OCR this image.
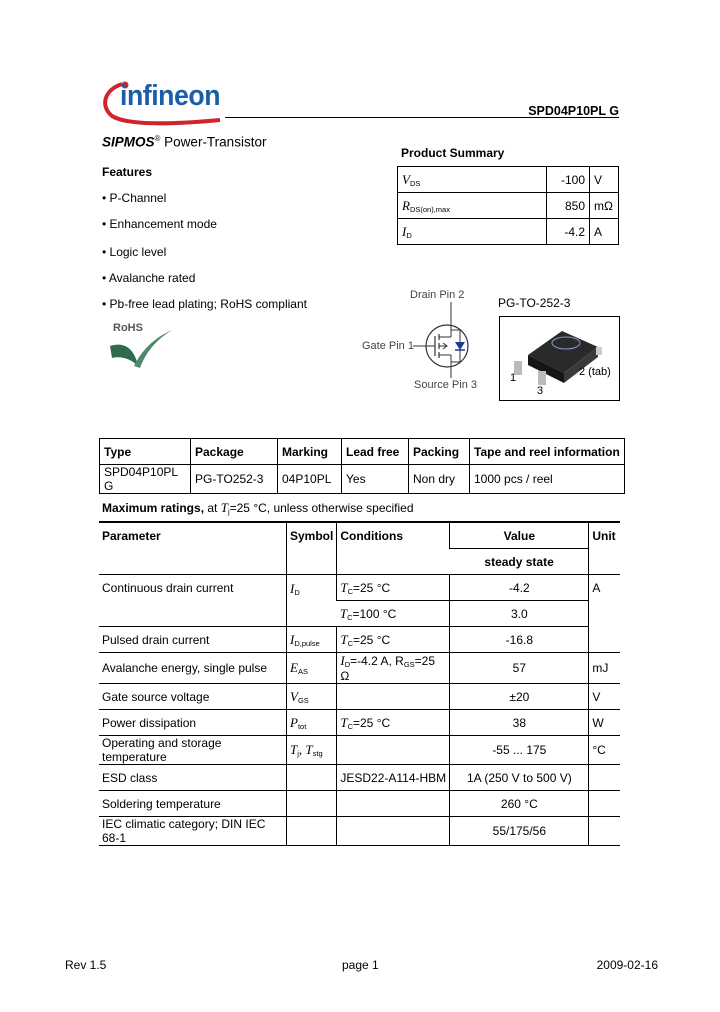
infineon	SPD04P10PL G
SIPMOS® Power-Transistor
Product Summary
$V_{DS}$	-100	V
$R_{DS(on),max}$	850	mΩ
$I_D$	-4.2	A
Features
• P-Channel
• Enhancement mode
• Logic level
• Avalanche rated
• Pb-free lead plating; RoHS compliant
RoHS
Drain Pin 2
Gate Pin 1
Source Pin 3
PG-TO-252-3
1	2 (tab)
3
Type	Package	Marking	Lead free	Packing	Tape and reel information
SPD04P10PL G	PG-TO252-3	04P10PL	Yes	Non dry	1000 pcs / reel
Maximum ratings, at $T_j=25$ °C, unless otherwise specified
Parameter	Symbol	Conditions	Value	Unit
			steady state	
Continuous drain current	$I_D$	$T_C=25$ °C	-4.2	A
		$T_C=100$ °C	3.0	
Pulsed drain current	$I_{D,pulse}$	$T_C=25$ °C	-16.8	
Avalanche energy, single pulse	$E_{AS}$	$I_D=-4.2$ A, $R_{GS}=25$ Ω	57	mJ
Gate source voltage	$V_{GS}$		±20	V
Power dissipation	$P_{tot}$	$T_C=25$ °C	38	W
Operating and storage temperature	$T_j$, $T_{stg}$		-55 ... 175	°C
ESD class		JESD22-A114-HBM	1A (250 V to 500 V)	
Soldering temperature			260 °C	
IEC climatic category; DIN IEC 68-1			55/175/56	
Rev 1.5	page 1	2009-02-16
